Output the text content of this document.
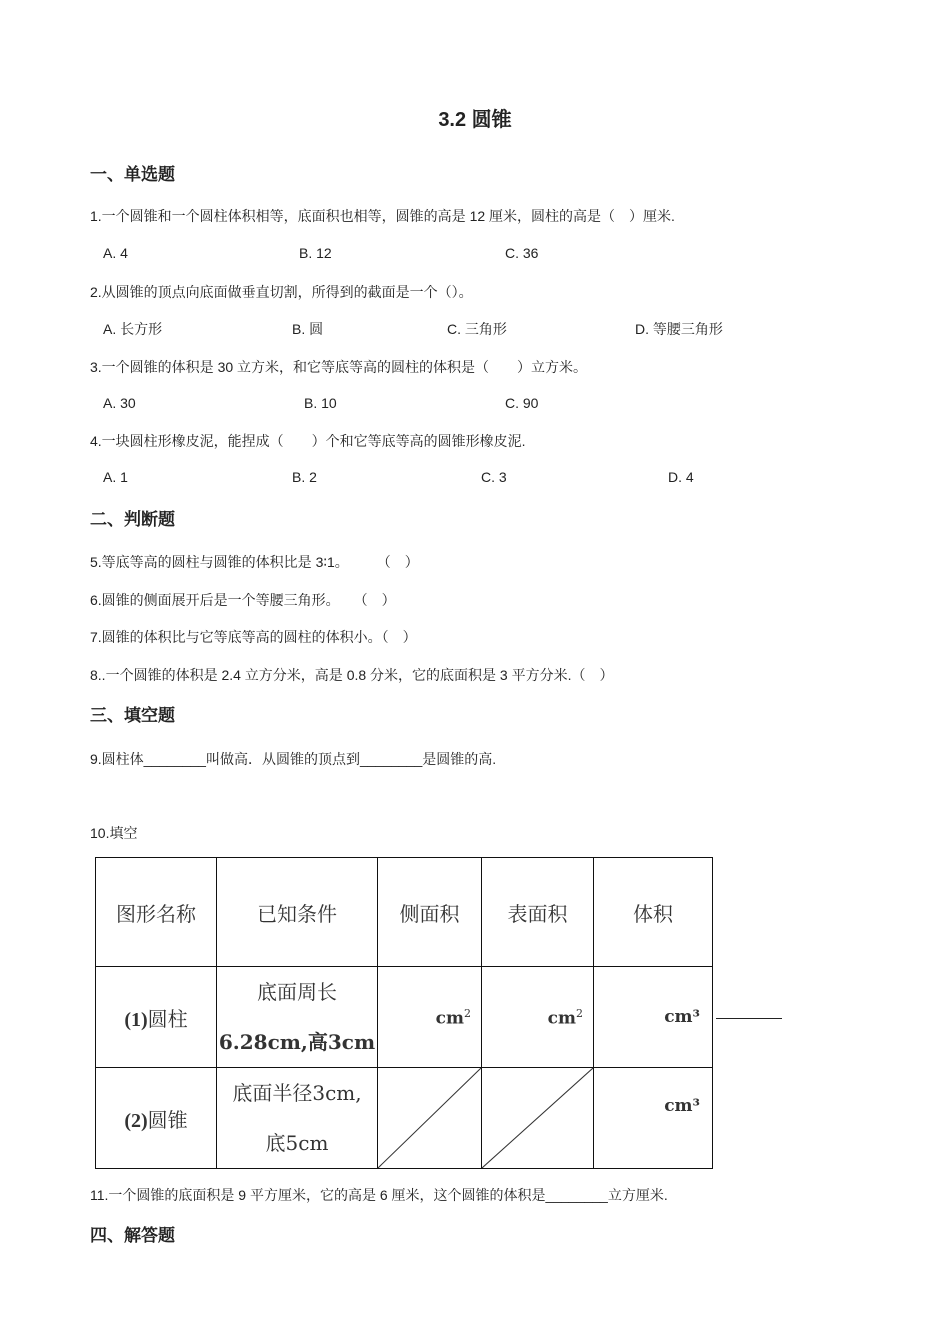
3.2 圆锥
一、单选题
1.一个圆锥和一个圆柱体积相等，底面积也相等，圆锥的高是 12 厘米，圆柱的高是（　）厘米.
A. 4	B. 12	C. 36
2.从圆锥的顶点向底面做垂直切割，所得到的截面是一个（）。
A. 长方形	B. 圆	C. 三角形	D. 等腰三角形
3.一个圆锥的体积是 30 立方米，和它等底等高的圆柱的体积是（　　）立方米。
A. 30	B. 10	C. 90
4.一块圆柱形橡皮泥，能捏成（　　）个和它等底等高的圆锥形橡皮泥.
A. 1	B. 2	C. 3	D. 4
二、判断题
5.等底等高的圆柱与圆锥的体积比是 3∶1。　　　（　）
6.圆锥的侧面展开后是一个等腰三角形。　　（　）
7.圆锥的体积比与它等底等高的圆柱的体积小。（　）
8..一个圆锥的体积是 2.4 立方分米，高是 0.8 分米，它的底面积是 3 平方分米.（　）
三、填空题
9.圆柱体________叫做高．从圆锥的顶点到________是圆锥的高.
10.填空
图形名称	已知条件	侧面积	表面积	体积
(1)圆柱	底面周长
6.28cm,高3cm	$cm^2$	$cm^2$	cm³

(2)圆锥	底面半径3cm,
底5cm			cm³
11.一个圆锥的底面积是 9 平方厘米，它的高是 6 厘米，这个圆锥的体积是________立方厘米.
四、解答题
